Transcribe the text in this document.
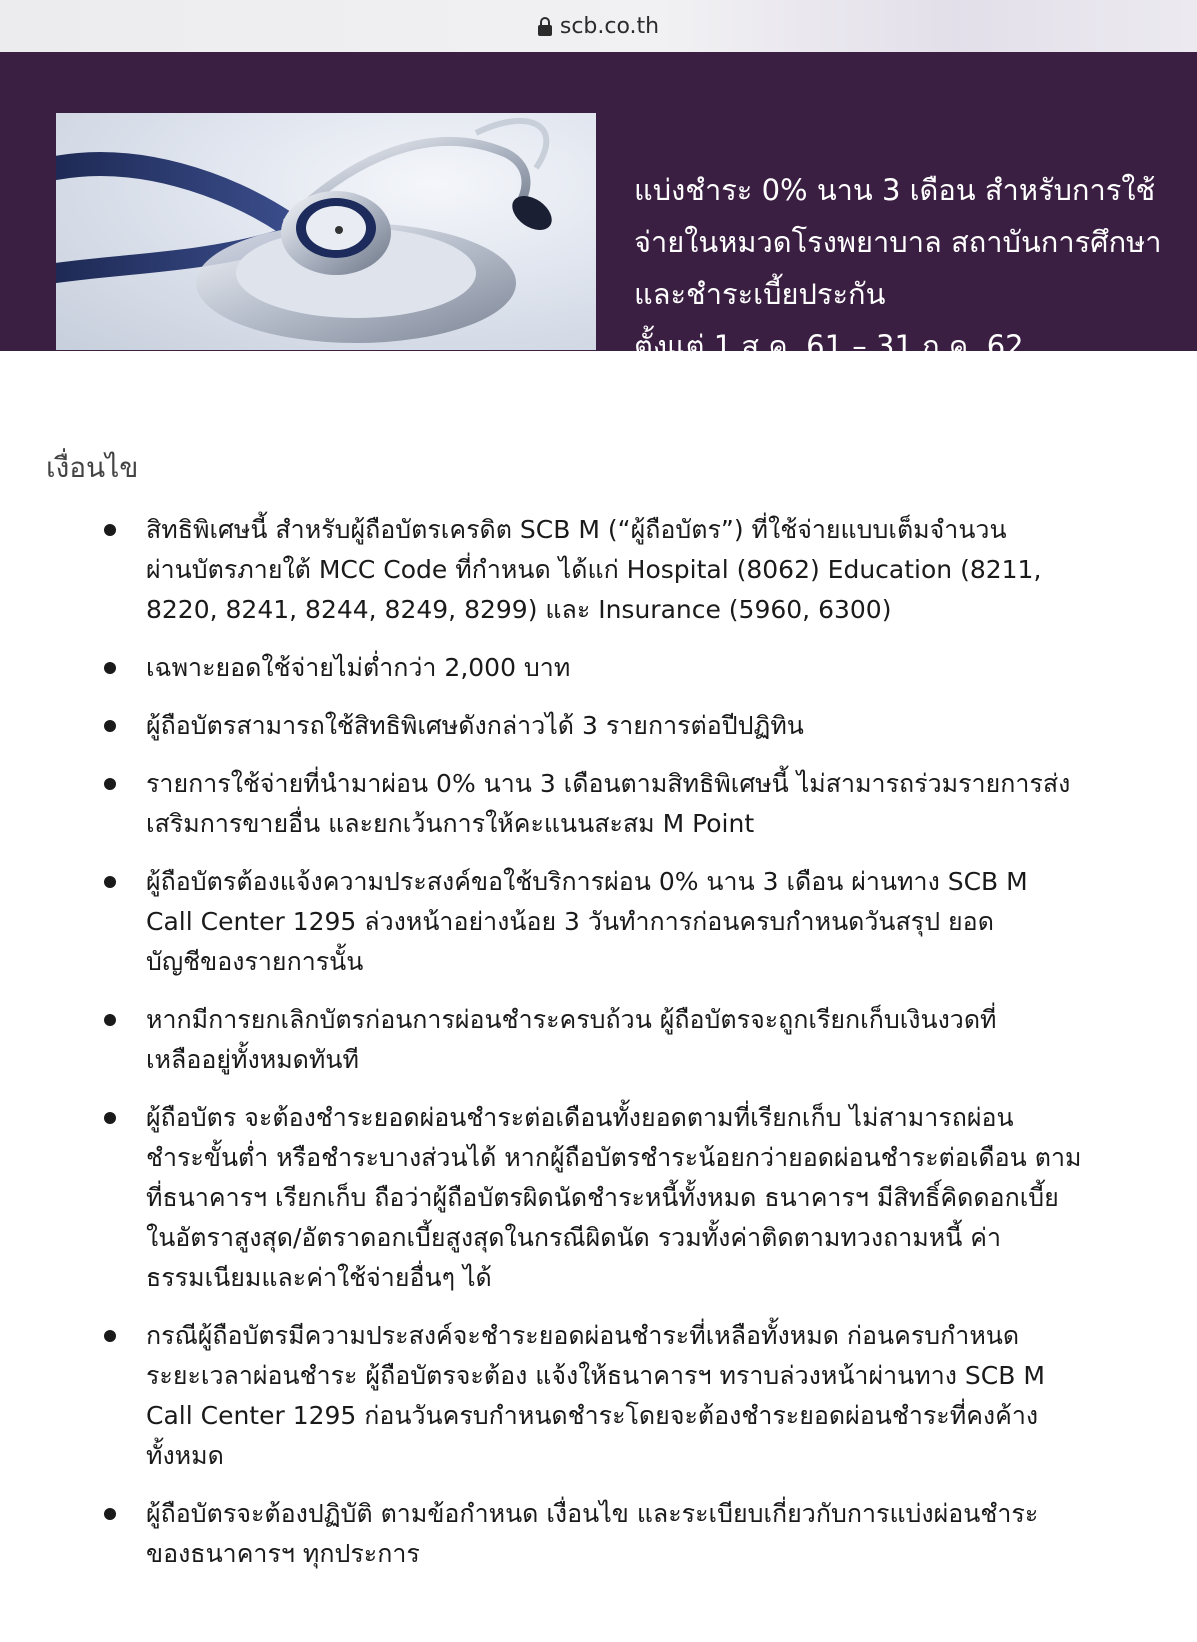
scb.co.th
แบ่งชำระ 0% นาน 3 เดือน สำหรับการใช้
จ่ายในหมวดโรงพยาบาล สถาบันการศึกษา
และชำระเบี้ยประกัน
ตั้งแต่ 1 ส.ค. 61 – 31 ก.ค. 62
เงื่อนไข
สิทธิพิเศษนี้ สำหรับผู้ถือบัตรเครดิต SCB M (“ผู้ถือบัตร”) ที่ใช้จ่ายแบบเต็มจำนวน
ผ่านบัตรภายใต้ MCC Code ที่กำหนด ได้แก่ Hospital (8062) Education (8211,
8220, 8241, 8244, 8249, 8299) และ Insurance (5960, 6300)
เฉพาะยอดใช้จ่ายไม่ต่ำกว่า 2,000 บาท
ผู้ถือบัตรสามารถใช้สิทธิพิเศษดังกล่าวได้ 3 รายการต่อปีปฏิทิน
รายการใช้จ่ายที่นำมาผ่อน 0% นาน 3 เดือนตามสิทธิพิเศษนี้ ไม่สามารถร่วมรายการส่ง
เสริมการขายอื่น และยกเว้นการให้คะแนนสะสม M Point
ผู้ถือบัตรต้องแจ้งความประสงค์ขอใช้บริการผ่อน 0% นาน 3 เดือน ผ่านทาง SCB M
Call Center 1295 ล่วงหน้าอย่างน้อย 3 วันทำการก่อนครบกำหนดวันสรุป ยอด
บัญชีของรายการนั้น
หากมีการยกเลิกบัตรก่อนการผ่อนชำระครบถ้วน ผู้ถือบัตรจะถูกเรียกเก็บเงินงวดที่
เหลืออยู่ทั้งหมดทันที
ผู้ถือบัตร จะต้องชำระยอดผ่อนชำระต่อเดือนทั้งยอดตามที่เรียกเก็บ ไม่สามารถผ่อน
ชำระขั้นต่ำ หรือชำระบางส่วนได้ หากผู้ถือบัตรชำระน้อยกว่ายอดผ่อนชำระต่อเดือน ตาม
ที่ธนาคารฯ เรียกเก็บ ถือว่าผู้ถือบัตรผิดนัดชำระหนี้ทั้งหมด ธนาคารฯ มีสิทธิ์คิดดอกเบี้ย
ในอัตราสูงสุด/อัตราดอกเบี้ยสูงสุดในกรณีผิดนัด รวมทั้งค่าติดตามทวงถามหนี้ ค่า
ธรรมเนียมและค่าใช้จ่ายอื่นๆ ได้
กรณีผู้ถือบัตรมีความประสงค์จะชำระยอดผ่อนชำระที่เหลือทั้งหมด ก่อนครบกำหนด
ระยะเวลาผ่อนชำระ ผู้ถือบัตรจะต้อง แจ้งให้ธนาคารฯ ทราบล่วงหน้าผ่านทาง SCB M
Call Center 1295 ก่อนวันครบกำหนดชำระโดยจะต้องชำระยอดผ่อนชำระที่คงค้าง
ทั้งหมด
ผู้ถือบัตรจะต้องปฏิบัติ ตามข้อกำหนด เงื่อนไข และระเบียบเกี่ยวกับการแบ่งผ่อนชำระ
ของธนาคารฯ ทุกประการ
